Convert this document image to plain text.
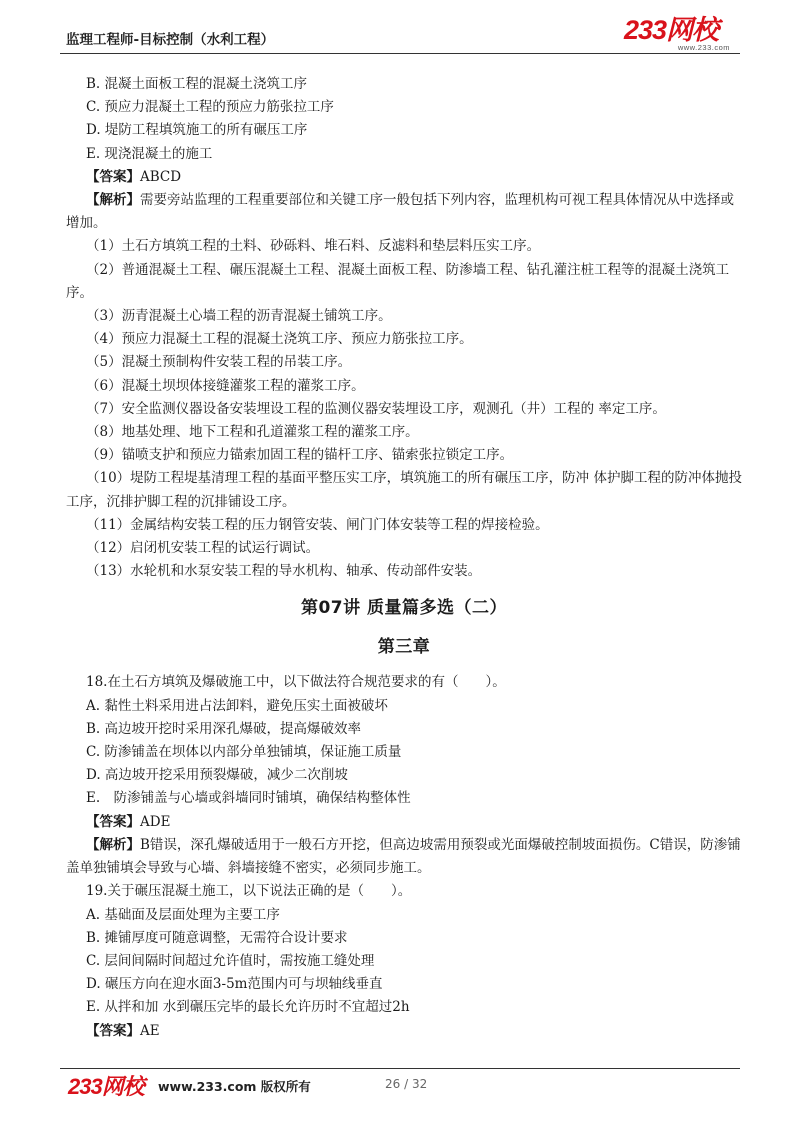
监理工程师-目标控制（水利工程）	233网校
www.233.com
B. 混凝土面板工程的混凝土浇筑工序
C. 预应力混凝土工程的预应力筋张拉工序
D. 堤防工程填筑施工的所有碾压工序
E. 现浇混凝土的施工
【答案】ABCD

【解析】需要旁站监理的工程重要部位和关键工序一般包括下列内容，监理机构可视工程具体情况从中选择或增加。

（1）土石方填筑工程的土料、砂砾料、堆石料、反滤料和垫层料压实工序。

（2）普通混凝土工程、碾压混凝土工程、混凝土面板工程、防渗墙工程、钻孔灌注桩工程等的混凝土浇筑工序。

（3）沥青混凝土心墙工程的沥青混凝土铺筑工序。
（4）预应力混凝土工程的混凝土浇筑工序、预应力筋张拉工序。
（5）混凝土预制构件安装工程的吊装工序。
（6）混凝土坝坝体接缝灌浆工程的灌浆工序。
（7）安全监测仪器设备安装埋设工程的监测仪器安装埋设工序，观测孔（井）工程的 率定工序。
（8）地基处理、地下工程和孔道灌浆工程的灌浆工序。
（9）锚喷支护和预应力锚索加固工程的锚杆工序、锚索张拉锁定工序。

（10）堤防工程堤基清理工程的基面平整压实工序，填筑施工的所有碾压工序，防冲 体护脚工程的防冲体抛投工序，沉排护脚工程的沉排铺设工序。

（11）金属结构安装工程的压力钢管安装、闸门门体安装等工程的焊接检验。
（12）启闭机安装工程的试运行调试。
（13）水轮机和水泵安装工程的导水机构、轴承、传动部件安装。
第07讲 质量篇多选（二）
第三章
18.在土石方填筑及爆破施工中，以下做法符合规范要求的有（　　）。
A. 黏性土料采用进占法卸料，避免压实土面被破坏
B. 高边坡开挖时采用深孔爆破，提高爆破效率
C. 防渗铺盖在坝体以内部分单独铺填，保证施工质量
D. 高边坡开挖采用预裂爆破，减少二次削坡
E.　防渗铺盖与心墙或斜墙同时铺填，确保结构整体性
【答案】ADE

【解析】B错误，深孔爆破适用于一般石方开挖，但高边坡需用预裂或光面爆破控制坡面损伤。C错误，防渗铺盖单独铺填会导致与心墙、斜墙接缝不密实，必须同步施工。

19.关于碾压混凝土施工，以下说法正确的是（　　）。
A. 基础面及层面处理为主要工序
B. 摊铺厚度可随意调整，无需符合设计要求
C. 层间间隔时间超过允许值时，需按施工缝处理
D. 碾压方向在迎水面3-5m范围内可与坝轴线垂直
E. 从拌和加 水到碾压完毕的最长允许历时不宜超过2h
【答案】AE
233网校 www.233.com 版权所有	26 / 32
